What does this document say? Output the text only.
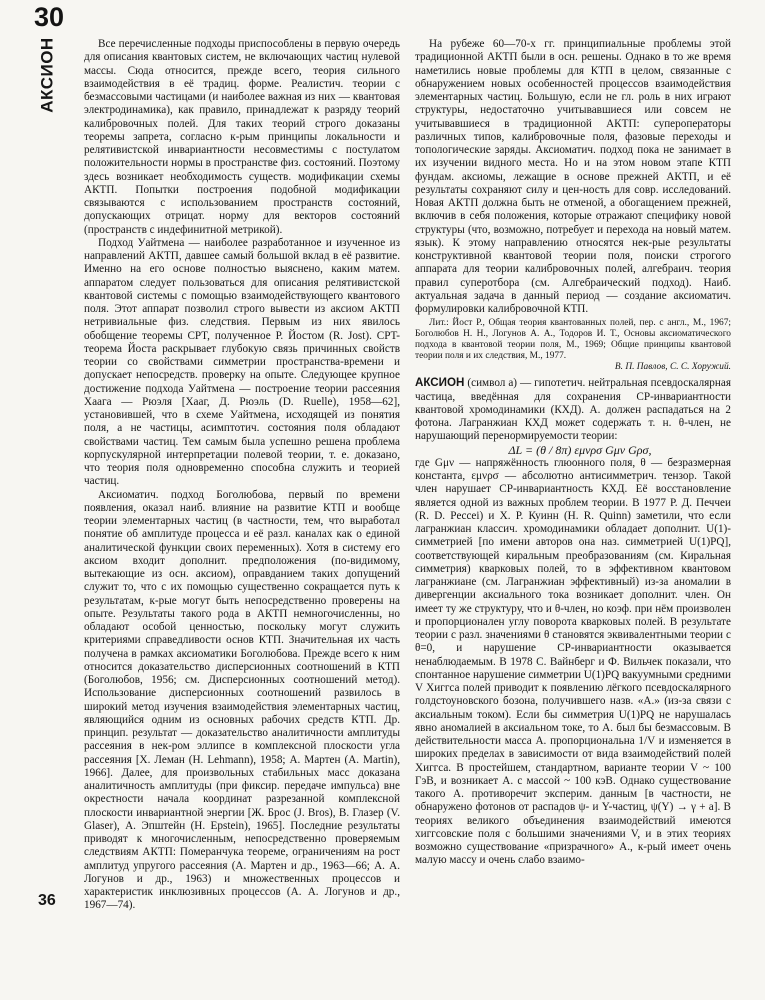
30
АКСИОН
36

Все перечисленные подходы приспособлены в первую очередь для описания квантовых систем, не включающих частиц нулевой массы. Сюда относится, прежде всего, теория сильного взаимодействия в её традиц. форме. Реалистич. теории с безмассовыми частицами (и наиболее важная из них — квантовая электродинамика), как правило, принадлежат к разряду теорий калибровочных полей. Для таких теорий строго доказаны теоремы запрета, согласно к-рым принципы локальности и релятивистской инвариантности несовместимы с постулатом положительности нормы в пространстве физ. состояний. Поэтому здесь возникает необходимость существ. модификации схемы АКТП. Попытки построения подобной модификации связываются с использованием пространств состояний, допускающих отрицат. норму для векторов состояний (пространств с индефинитной метрикой).

Подход Уайтмена — наиболее разработанное и изученное из направлений АКТП, давшее самый большой вклад в её развитие. Именно на его основе полностью выяснено, каким матем. аппаратом следует пользоваться для описания релятивистской квантовой системы с помощью взаимодействующего квантового поля. Этот аппарат позволил строго вывести из аксиом АКТП нетривиальные физ. следствия. Первым из них явилось обобщение теоремы CPT, полученное Р. Йостом (R. Jost). CPT-теорема Йоста раскрывает глубокую связь причинных свойств теории со свойствами симметрии пространства-времени и допускает непосредств. проверку на опыте. Следующее крупное достижение подхода Уайтмена — построение теории рассеяния Хаага — Рюэля [Хааг, Д. Рюэль (D. Ruelle), 1958—62], установившей, что в схеме Уайтмена, исходящей из понятия поля, а не частицы, асимптотич. состояния поля обладают свойствами частиц. Тем самым была успешно решена проблема корпускулярной интерпретации полевой теории, т. е. доказано, что теория поля одновременно способна служить и теорией частиц.

Аксиоматич. подход Боголюбова, первый по времени появления, оказал наиб. влияние на развитие КТП и вообще теории элементарных частиц (в частности, тем, что выработал понятие об амплитуде процесса и её разл. каналах как о единой аналитической функции своих переменных). Хотя в систему его аксиом входит дополнит. предположения (по-видимому, вытекающие из осн. аксиом), оправданием таких допущений служит то, что с их помощью существенно сокращается путь к результатам, к-рые могут быть непосредственно проверены на опыте. Результаты такого рода в АКТП немногочисленны, но обладают особой ценностью, поскольку могут служить критериями справедливости основ КТП. Значительная их часть получена в рамках аксиоматики Боголюбова. Прежде всего к ним относится доказательство дисперсионных соотношений в КТП (Боголюбов, 1956; см. Дисперсионных соотношений метод). Использование дисперсионных соотношений развилось в широкий метод изучения взаимодействия элементарных частиц, являющийся одним из основных рабочих средств КТП. Др. принцип. результат — доказательство аналитичности амплитуды рассеяния в нек-ром эллипсе в комплексной плоскости угла рассеяния [Х. Леман (H. Lehmann), 1958; А. Мартен (A. Martin), 1966]. Далее, для произвольных стабильных масс доказана аналитичность амплитуды (при фиксир. передаче импульса) вне окрестности начала координат разрезанной комплексной плоскости инвариантной энергии [Ж. Брос (J. Bros), В. Глазер (V. Glaser), А. Эпштейн (H. Epstein), 1965]. Последние результаты приводят к многочисленным, непосредственно проверяемым следствиям АКТП: Померанчука теореме, ограничениям на рост амплитуд упругого рассеяния (А. Мартен и др., 1963—66; А. А. Логунов и др., 1963) и множественных процессов и характеристик инклюзивных процессов (А. А. Логунов и др., 1967—74).

На рубеже 60—70-х гг. принципиальные проблемы этой традиционной АКТП были в осн. решены. Однако в то же время наметились новые проблемы для КТП в целом, связанные с обнаружением новых особенностей процессов взаимодействия элементарных частиц. Большую, если не гл. роль в них играют структуры, недостаточно учитывавшиеся или совсем не учитывавшиеся в традиционной АКТП: супероператоры различных типов, калибровочные поля, фазовые переходы и топологические заряды. Аксиоматич. подход пока не занимает в их изучении видного места. Но и на этом новом этапе КТП фундам. аксиомы, лежащие в основе прежней АКТП, и её результаты сохраняют силу и цен-ность для совр. исследований. Новая АКТП должна быть не отменой, а обогащением прежней, включив в себя положения, которые отражают специфику новой структуры (что, возможно, потребует и перехода на новый матем. язык). К этому направлению относятся нек-рые результаты конструктивной квантовой теории поля, поиски строгого аппарата для теории калибровочных полей, алгебраич. теория правил суперотбора (см. Алгебраический подход). Наиб. актуальная задача в данный период — создание аксиоматич. формулировки калибровочной КТП.

Лит.: Йост Р., Общая теория квантованных полей, пер. с англ., М., 1967; Боголюбов Н. Н., Логунов А. А., Тодоров И. Т., Основы аксиоматического подхода в квантовой теории поля, М., 1969; Общие принципы квантовой теории поля и их следствия, М., 1977.

В. П. Павлов, С. С. Хоружий.

АКСИОН (символ a) — гипотетич. нейтральная псевдоскалярная частица, введённая для сохранения CP-инвариантности квантовой хромодинамики (КХД). А. должен распадаться на 2 фотона. Лагранжиан КХД может содержать т. н. θ-член, не нарушающий перенормируемости теории:

ΔL = (θ / 8π) εμνρσ Gμν Gρσ,

где Gμν — напряжённость глюонного поля, θ — безразмерная константа, εμνρσ — абсолютно антисимметрич. тензор. Такой член нарушает CP-инвариантность КХД. Её восстановление является одной из важных проблем теории. В 1977 Р. Д. Печчеи (R. D. Peccei) и Х. Р. Куинн (H. R. Quinn) заметили, что если лагранжиан классич. хромодинамики обладает дополнит. U(1)-симметрией [по имени авторов она наз. симметрией U(1)PQ], соответствующей киральным преобразованиям (см. Киральная симметрия) кварковых полей, то в эффективном квантовом лагранжиане (см. Лагранжиан эффективный) из-за аномалии в дивергенции аксиального тока возникает дополнит. член. Он имеет ту же структуру, что и θ-член, но коэф. при нём произволен и пропорционален углу поворота кварковых полей. В результате теории с разл. значениями θ становятся эквивалентными теории с θ=0, и нарушение CP-инвариантности оказывается ненаблюдаемым. В 1978 С. Вайнберг и Ф. Вильчек показали, что спонтанное нарушение симметрии U(1)PQ вакуумными средними V Хиггса полей приводит к появлению лёгкого псевдоскалярного голдстоуновского бозона, получившего назв. «А.» (из-за связи с аксиальным током). Если бы симметрия U(1)PQ не нарушалась явно аномалией в аксиальном токе, то А. был бы безмассовым. В действительности масса А. пропорциональна 1/V и изменяется в широких пределах в зависимости от вида взаимодействий полей Хиггса. В простейшем, стандартном, варианте теории V ~ 100 ГэВ, и возникает А. с массой ~ 100 кэВ. Однако существование такого А. противоречит эксперим. данным [в частности, не обнаружено фотонов от распадов ψ- и Υ-частиц, ψ(Υ) → γ + a]. В теориях великого объединения взаимодействий имеются хиггсовские поля с большими значениями V, и в этих теориях возможно существование «призрачного» А., к-рый имеет очень малую массу и очень слабо взаимо-
